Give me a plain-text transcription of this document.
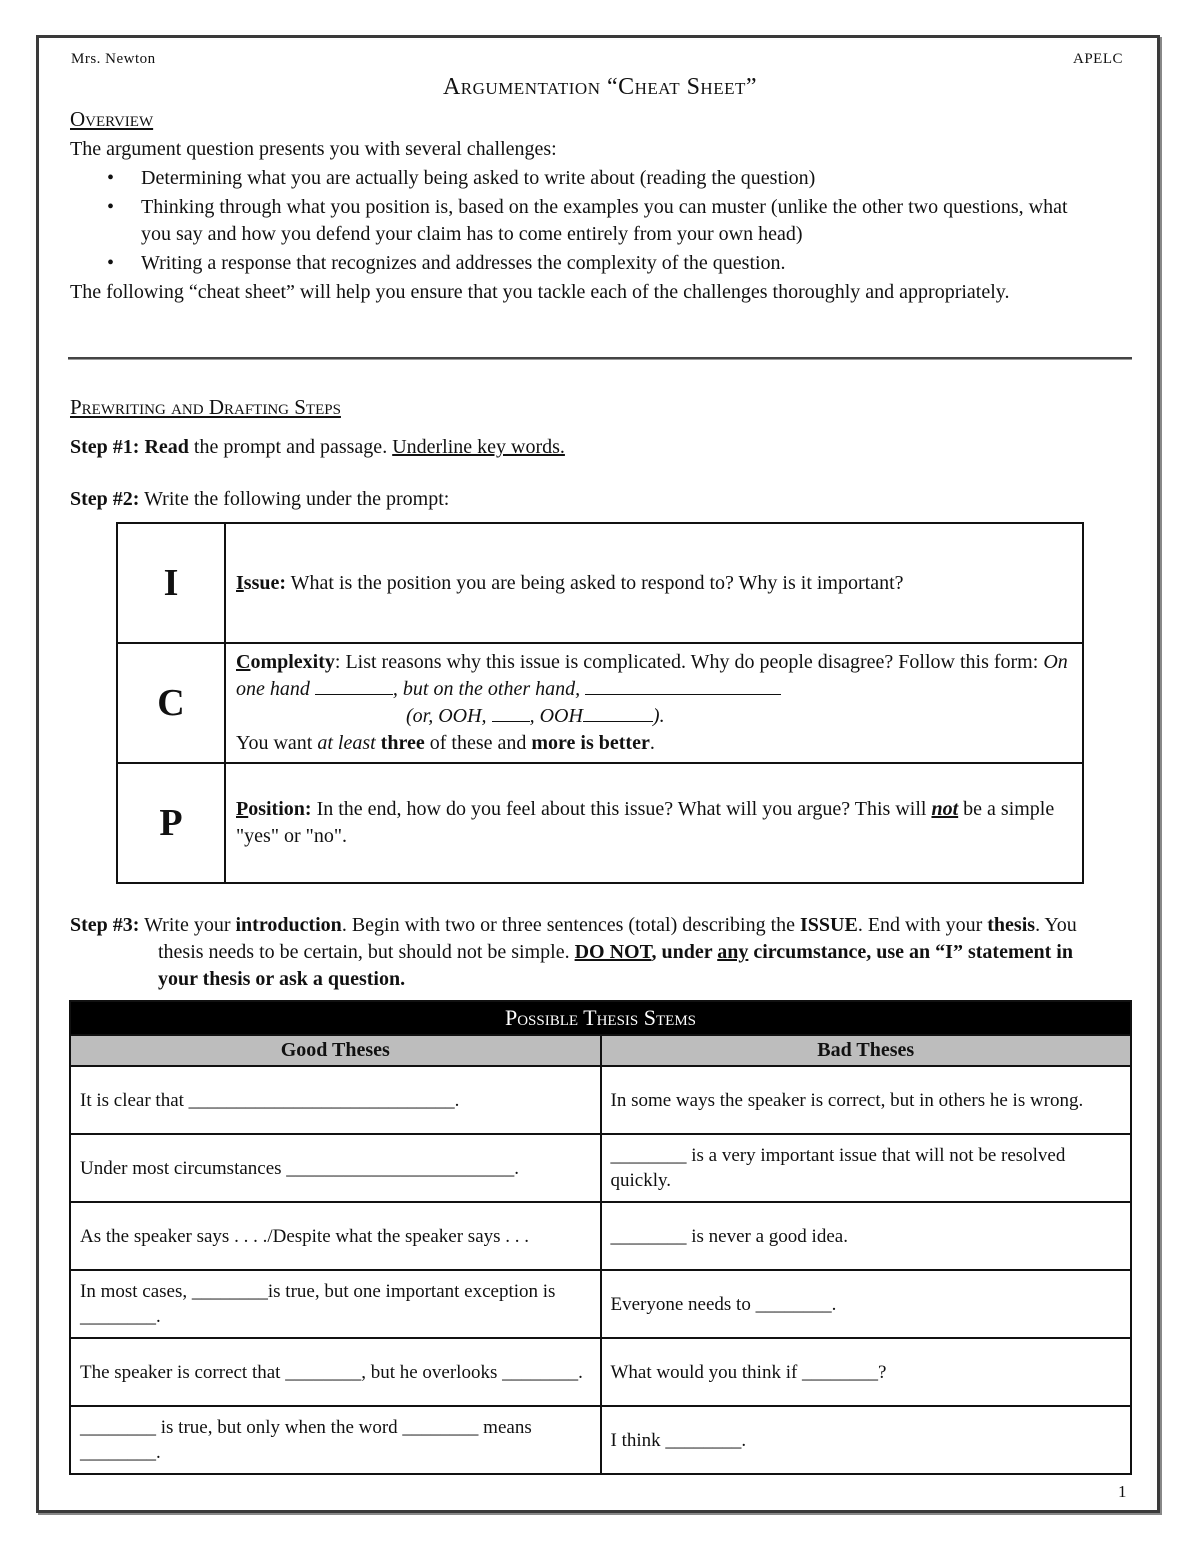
Mrs. Newton	APELC
Argumentation “Cheat Sheet”
Overview
The argument question presents you with several challenges:
• Determining what you are actually being asked to write about (reading the question)
• Thinking through what you position is, based on the examples you can muster (unlike the other two questions, what you say and how you defend your claim has to come entirely from your own head)
• Writing a response that recognizes and addresses the complexity of the question.
The following “cheat sheet” will help you ensure that you tackle each of the challenges thoroughly and appropriately.
Prewriting and Drafting Steps
Step #1: Read the prompt and passage. Underline key words.
Step #2: Write the following under the prompt:
I	Issue: What is the position you are being asked to respond to? Why is it important?
C	Complexity: List reasons why this issue is complicated. Why do people disagree? Follow this form: On one hand , but on the other hand,
(or, OOH, , OOH ).
You want at least three of these and more is better.
P	Position: In the end, how do you feel about this issue? What will you argue? This will not be a simple "yes" or "no".
Step #3: Write your introduction. Begin with two or three sentences (total) describing the ISSUE. End with your thesis. You thesis needs to be certain, but should not be simple. DO NOT, under any circumstance, use an “I” statement in your thesis or ask a question.
Possible Thesis Stems	
Good Theses	Bad Theses
It is clear that ____________________________.	In some ways the speaker is correct, but in others he is wrong.
Under most circumstances ________________________.	________ is a very important issue that will not be resolved quickly.
As the speaker says . . . ./Despite what the speaker says . . .	________ is never a good idea.
In most cases, ________is true, but one important exception is ________.	Everyone needs to ________.
The speaker is correct that ________, but he overlooks ________.	What would you think if ________?
________ is true, but only when the word ________ means ________.	I think ________.
1
